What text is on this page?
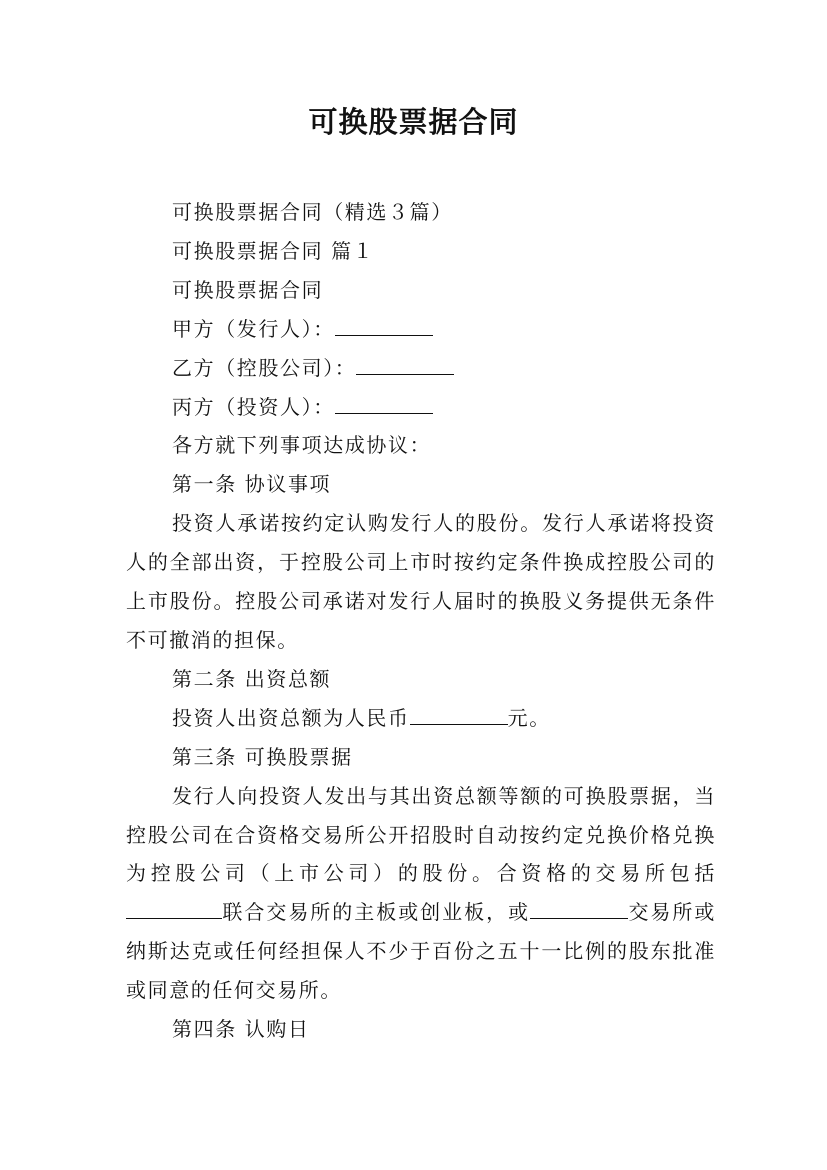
可换股票据合同

可换股票据合同（精选３篇）

可换股票据合同 篇１

可换股票据合同

甲方（发行人）：

乙方（控股公司）：

丙方（投资人）：

各方就下列事项达成协议：

第一条 协议事项

投资人承诺按约定认购发行人的股份。发行人承诺将投资人的全部出资，于控股公司上市时按约定条件换成控股公司的上市股份。控股公司承诺对发行人届时的换股义务提供无条件不可撤消的担保。

第二条 出资总额

投资人出资总额为人民币	元。

第三条 可换股票据

发行人向投资人发出与其出资总额等额的可换股票据，当控股公司在合资格交易所公开招股时自动按约定兑换价格兑换为控股公司（上市公司）的股份。合资格的交易所包括联合交易所的主板或创业板，或	交易所或纳斯达克或任何经担保人不少于百份之五十一比例的股东批准或同意的任何交易所。

第四条 认购日
